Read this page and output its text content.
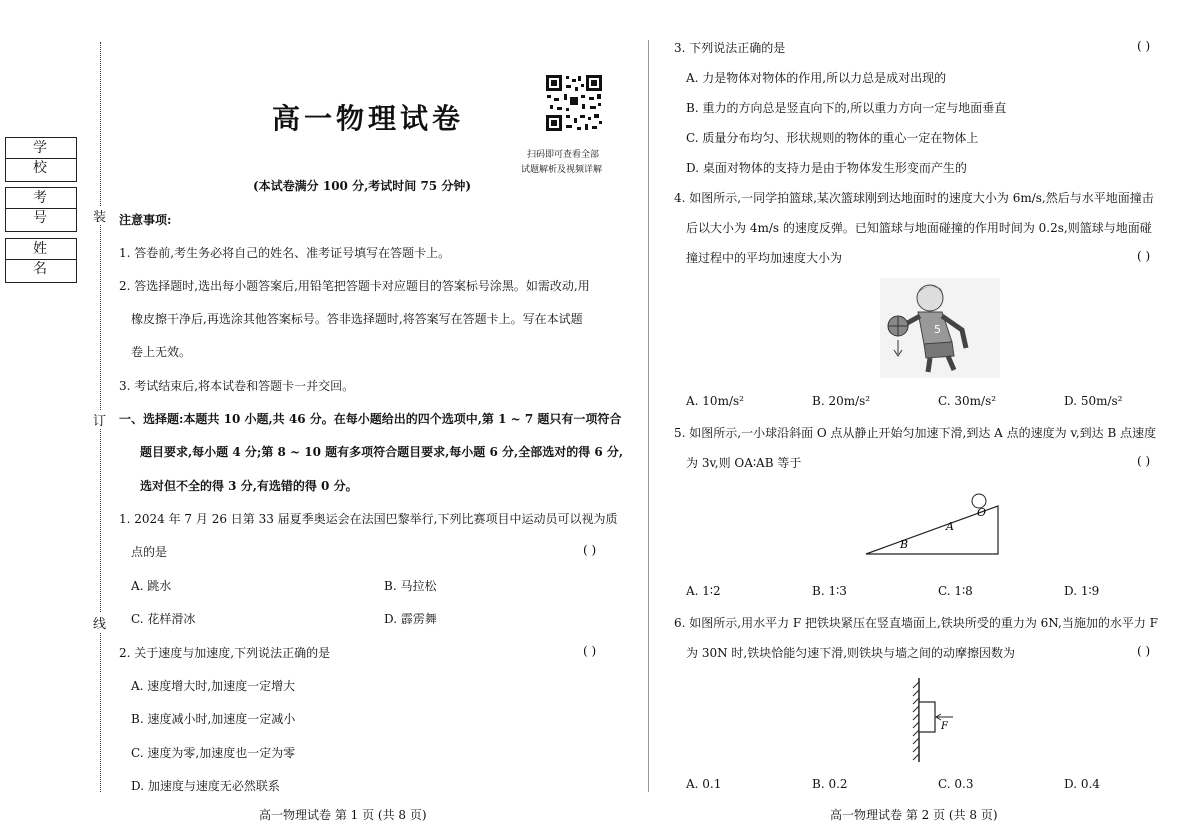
学 校
考 号
姓 名
装
订
线
高一物理试卷
扫码即可查看全部
试题解析及视频详解
(本试卷满分 100 分,考试时间 75 分钟)
注意事项:
1. 答卷前,考生务必将自己的姓名、准考证号填写在答题卡上。
2. 答选择题时,选出每小题答案后,用铅笔把答题卡对应题目的答案标号涂黑。如需改动,用
橡皮擦干净后,再选涂其他答案标号。答非选择题时,将答案写在答题卡上。写在本试题
卷上无效。
3. 考试结束后,将本试卷和答题卡一并交回。
一、选择题:本题共 10 小题,共 46 分。在每小题给出的四个选项中,第 1 ~ 7 题只有一项符合
题目要求,每小题 4 分;第 8 ~ 10 题有多项符合题目要求,每小题 6 分,全部选对的得 6 分,
选对但不全的得 3 分,有选错的得 0 分。
1. 2024 年 7 月 26 日第 33 届夏季奥运会在法国巴黎举行,下列比赛项目中运动员可以视为质
点的是	( )
A. 跳水	B. 马拉松
C. 花样滑冰	D. 霹雳舞
2. 关于速度与加速度,下列说法正确的是	( )
A. 速度增大时,加速度一定增大
B. 速度减小时,加速度一定减小
C. 速度为零,加速度也一定为零
D. 加速度与速度无必然联系
高一物理试卷 第 1 页 (共 8 页)
3. 下列说法正确的是	( )
A. 力是物体对物体的作用,所以力总是成对出现的
B. 重力的方向总是竖直向下的,所以重力方向一定与地面垂直
C. 质量分布均匀、形状规则的物体的重心一定在物体上
D. 桌面对物体的支持力是由于物体发生形变而产生的
4. 如图所示,一同学拍篮球,某次篮球刚到达地面时的速度大小为 6m/s,然后与水平地面撞击
后以大小为 4m/s 的速度反弹。已知篮球与地面碰撞的作用时间为 0.2s,则篮球与地面碰
撞过程中的平均加速度大小为	( )
5
A. 10m/s²	B. 20m/s²	C. 30m/s²	D. 50m/s²
5. 如图所示,一小球沿斜面 O 点从静止开始匀加速下滑,到达 A 点的速度为 v,到达 B 点速度
为 3v,则 OA∶AB 等于	( )
O
A
B
A. 1∶2	B. 1∶3	C. 1∶8	D. 1∶9
6. 如图所示,用水平力 F 把铁块紧压在竖直墙面上,铁块所受的重力为 6N,当施加的水平力 F
为 30N 时,铁块恰能匀速下滑,则铁块与墙之间的动摩擦因数为	( )
F
A. 0.1	B. 0.2	C. 0.3	D. 0.4
高一物理试卷 第 2 页 (共 8 页)
